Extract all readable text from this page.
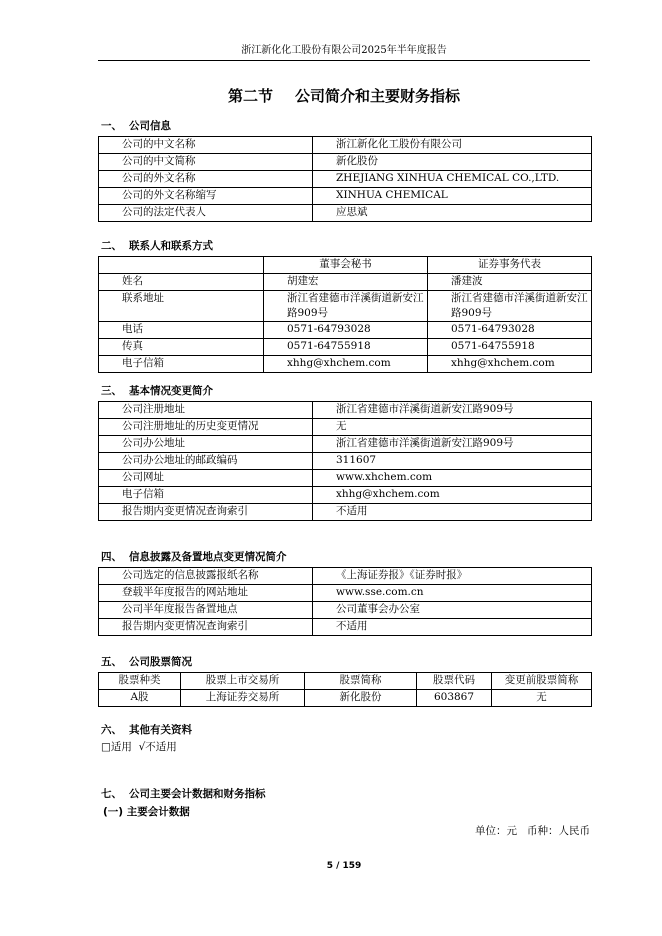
浙江新化化工股份有限公司2025年半年度报告
第二节 公司简介和主要财务指标
一、 公司信息
公司的中文名称	浙江新化化工股份有限公司
公司的中文简称	新化股份
公司的外文名称	ZHEJIANG XINHUA CHEMICAL CO.,LTD.
公司的外文名称缩写	XINHUA CHEMICAL
公司的法定代表人	应思斌
二、 联系人和联系方式
	董事会秘书	证券事务代表
姓名	胡建宏	潘建波
联系地址	浙江省建德市洋溪街道新安江路909号	浙江省建德市洋溪街道新安江路909号
电话	0571-64793028	0571-64793028
传真	0571-64755918	0571-64755918
电子信箱	xhhg@xhchem.com	xhhg@xhchem.com
三、 基本情况变更简介
公司注册地址	浙江省建德市洋溪街道新安江路909号
公司注册地址的历史变更情况	无
公司办公地址	浙江省建德市洋溪街道新安江路909号
公司办公地址的邮政编码	311607
公司网址	www.xhchem.com
电子信箱	xhhg@xhchem.com
报告期内变更情况查询索引	不适用
四、 信息披露及备置地点变更情况简介
公司选定的信息披露报纸名称	《上海证券报》《证券时报》
登载半年度报告的网站地址	www.sse.com.cn
公司半年度报告备置地点	公司董事会办公室
报告期内变更情况查询索引	不适用
五、 公司股票简况
股票种类	股票上市交易所	股票简称	股票代码	变更前股票简称
A股	上海证券交易所	新化股份	603867	无
六、 其他有关资料
□适用 √不适用
七、 公司主要会计数据和财务指标
(一) 主要会计数据
单位：元 币种：人民币
5 / 159
